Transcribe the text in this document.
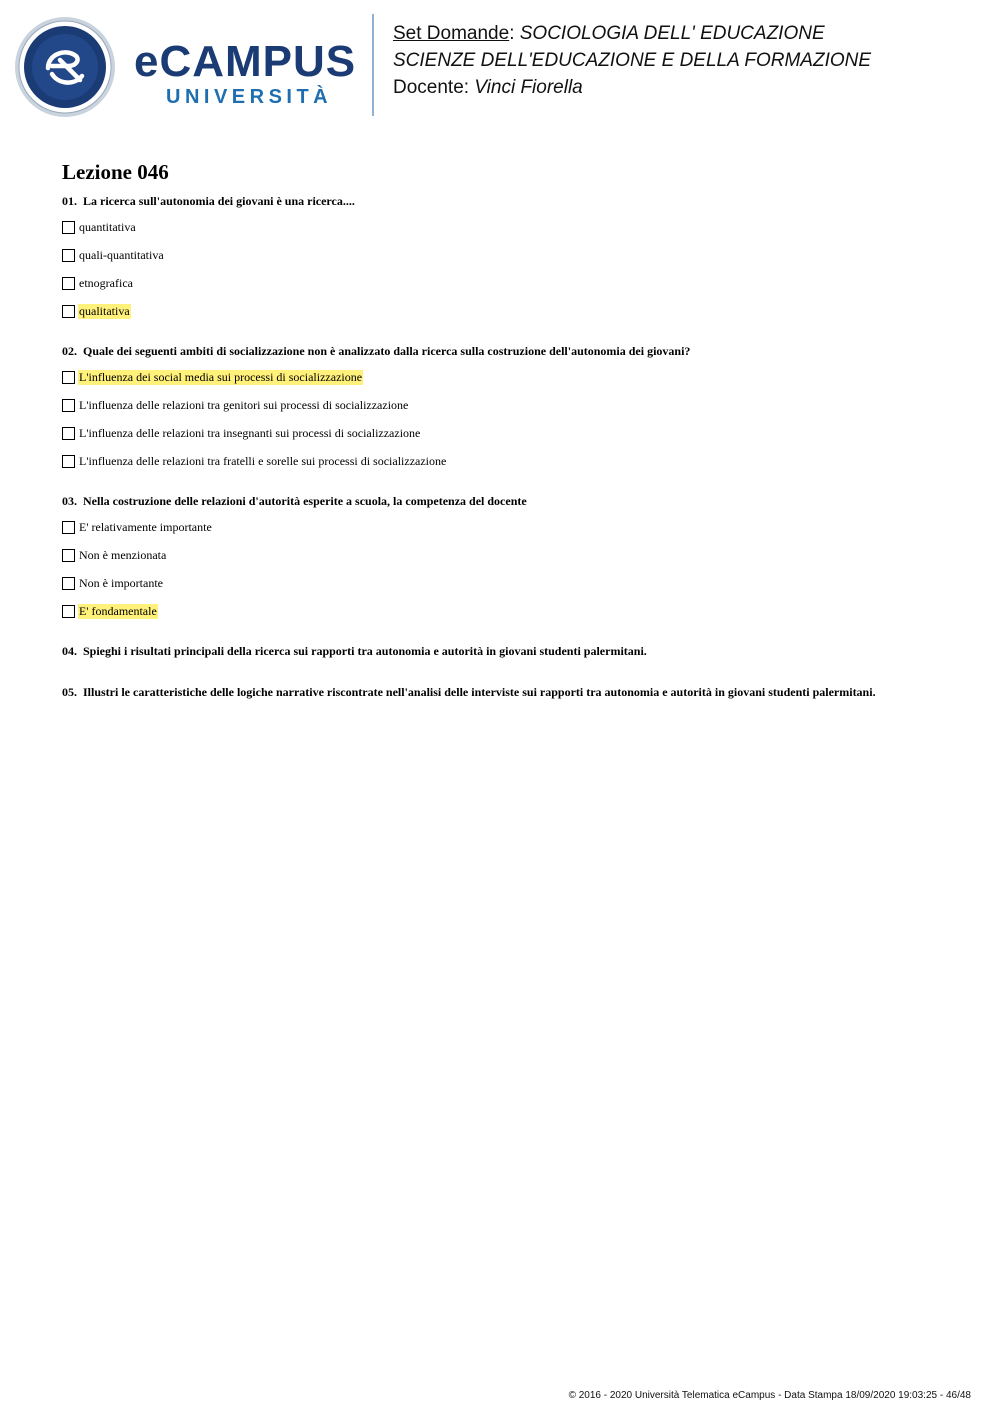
eCAMPUS
UNIVERSITÀ
Set Domande: SOCIOLOGIA DELL' EDUCAZIONE
SCIENZE DELL'EDUCAZIONE E DELLA FORMAZIONE
Docente: Vinci Fiorella
Lezione 046
01. La ricerca sull'autonomia dei giovani è una ricerca....
quantitativa
quali-quantitativa
etnografica
qualitativa
02. Quale dei seguenti ambiti di socializzazione non è analizzato dalla ricerca sulla costruzione dell'autonomia dei giovani?
L'influenza dei social media sui processi di socializzazione
L'influenza delle relazioni tra genitori sui processi di socializzazione
L'influenza delle relazioni tra insegnanti sui processi di socializzazione
L'influenza delle relazioni tra fratelli e sorelle sui processi di socializzazione
03. Nella costruzione delle relazioni d'autorità esperite a scuola, la competenza del docente
E' relativamente importante
Non è menzionata
Non è importante
E' fondamentale
04. Spieghi i risultati principali della ricerca sui rapporti tra autonomia e autorità in giovani studenti palermitani.
05. Illustri le caratteristiche delle logiche narrative riscontrate nell'analisi delle interviste sui rapporti tra autonomia e autorità in giovani studenti palermitani.
© 2016 - 2020 Università Telematica eCampus - Data Stampa 18/09/2020 19:03:25 - 46/48
